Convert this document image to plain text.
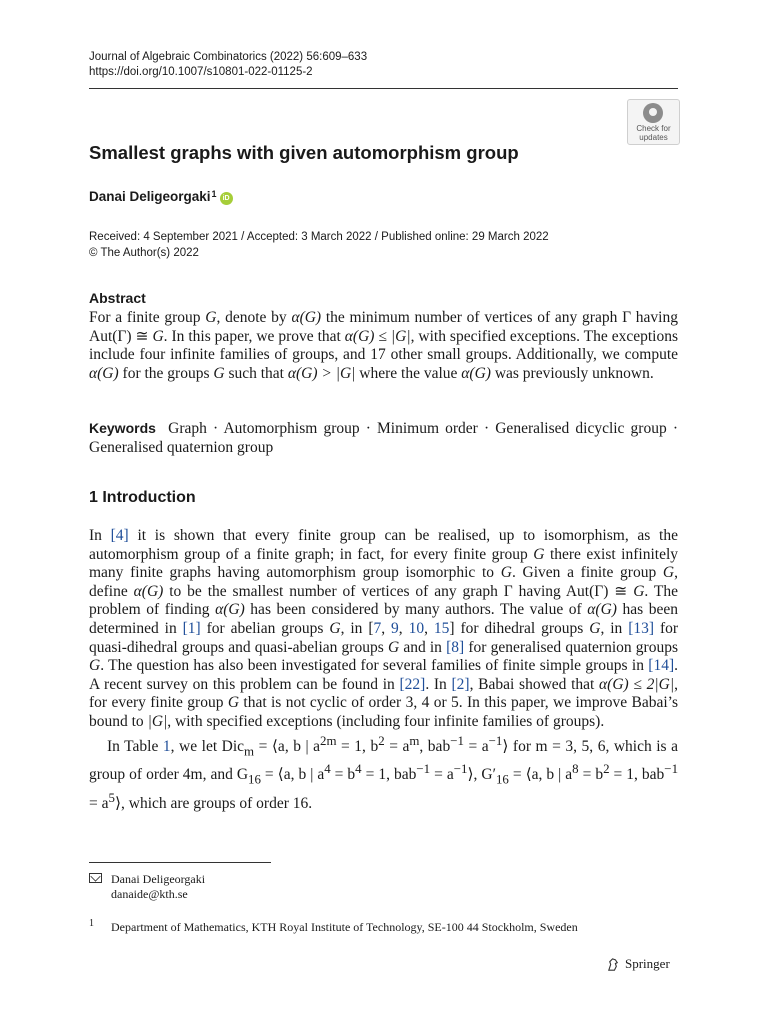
Journal of Algebraic Combinatorics (2022) 56:609–633
https://doi.org/10.1007/s10801-022-01125-2
Check for
updates
Smallest graphs with given automorphism group
Danai Deligeorgaki 1 iD
Received: 4 September 2021 / Accepted: 3 March 2022 / Published online: 29 March 2022
© The Author(s) 2022
Abstract
For a finite group G, denote by α(G) the minimum number of vertices of any graph Γ having Aut(Γ) ≅ G. In this paper, we prove that α(G) ≤ |G|, with specified exceptions. The exceptions include four infinite families of groups, and 17 other small groups. Additionally, we compute α(G) for the groups G such that α(G) > |G| where the value α(G) was previously unknown.
Keywords Graph · Automorphism group · Minimum order · Generalised dicyclic group · Generalised quaternion group
1 Introduction

In [4] it is shown that every finite group can be realised, up to isomorphism, as the automorphism group of a finite graph; in fact, for every finite group G there exist infinitely many finite graphs having automorphism group isomorphic to G. Given a finite group G, define α(G) to be the smallest number of vertices of any graph Γ having Aut(Γ) ≅ G. The problem of finding α(G) has been considered by many authors. The value of α(G) has been determined in [1] for abelian groups G, in [7, 9, 10, 15] for dihedral groups G, in [13] for quasi-dihedral groups and quasi-abelian groups G and in [8] for generalised quaternion groups G. The question has also been investigated for several families of finite simple groups in [14]. A recent survey on this problem can be found in [22]. In [2], Babai showed that α(G) ≤ 2|G|, for every finite group G that is not cyclic of order 3, 4 or 5. In this paper, we improve Babai’s bound to |G|, with specified exceptions (including four infinite families of groups).

In Table 1, we let Dic$_m$ = ⟨a, b | $a^{2m} = 1$, $b^2 = a^m$, $bab^{-1} = a^{-1}⟩$ for m = 3, 5, 6, which is a group of order 4m, and $G_{16}$ = ⟨a, b | $a^4 = b^4 = 1$, $bab^{-1} = a^{-1}⟩$, $G'_{16}$ = ⟨a, b | $a^8 = b^2 = 1$, $bab^{-1} = a^5⟩$, which are groups of order 16.

Danai Deligeorgaki
danaide@kth.se
$^1$ Department of Mathematics, KTH Royal Institute of Technology, SE-100 44 Stockholm, Sweden
Springer
